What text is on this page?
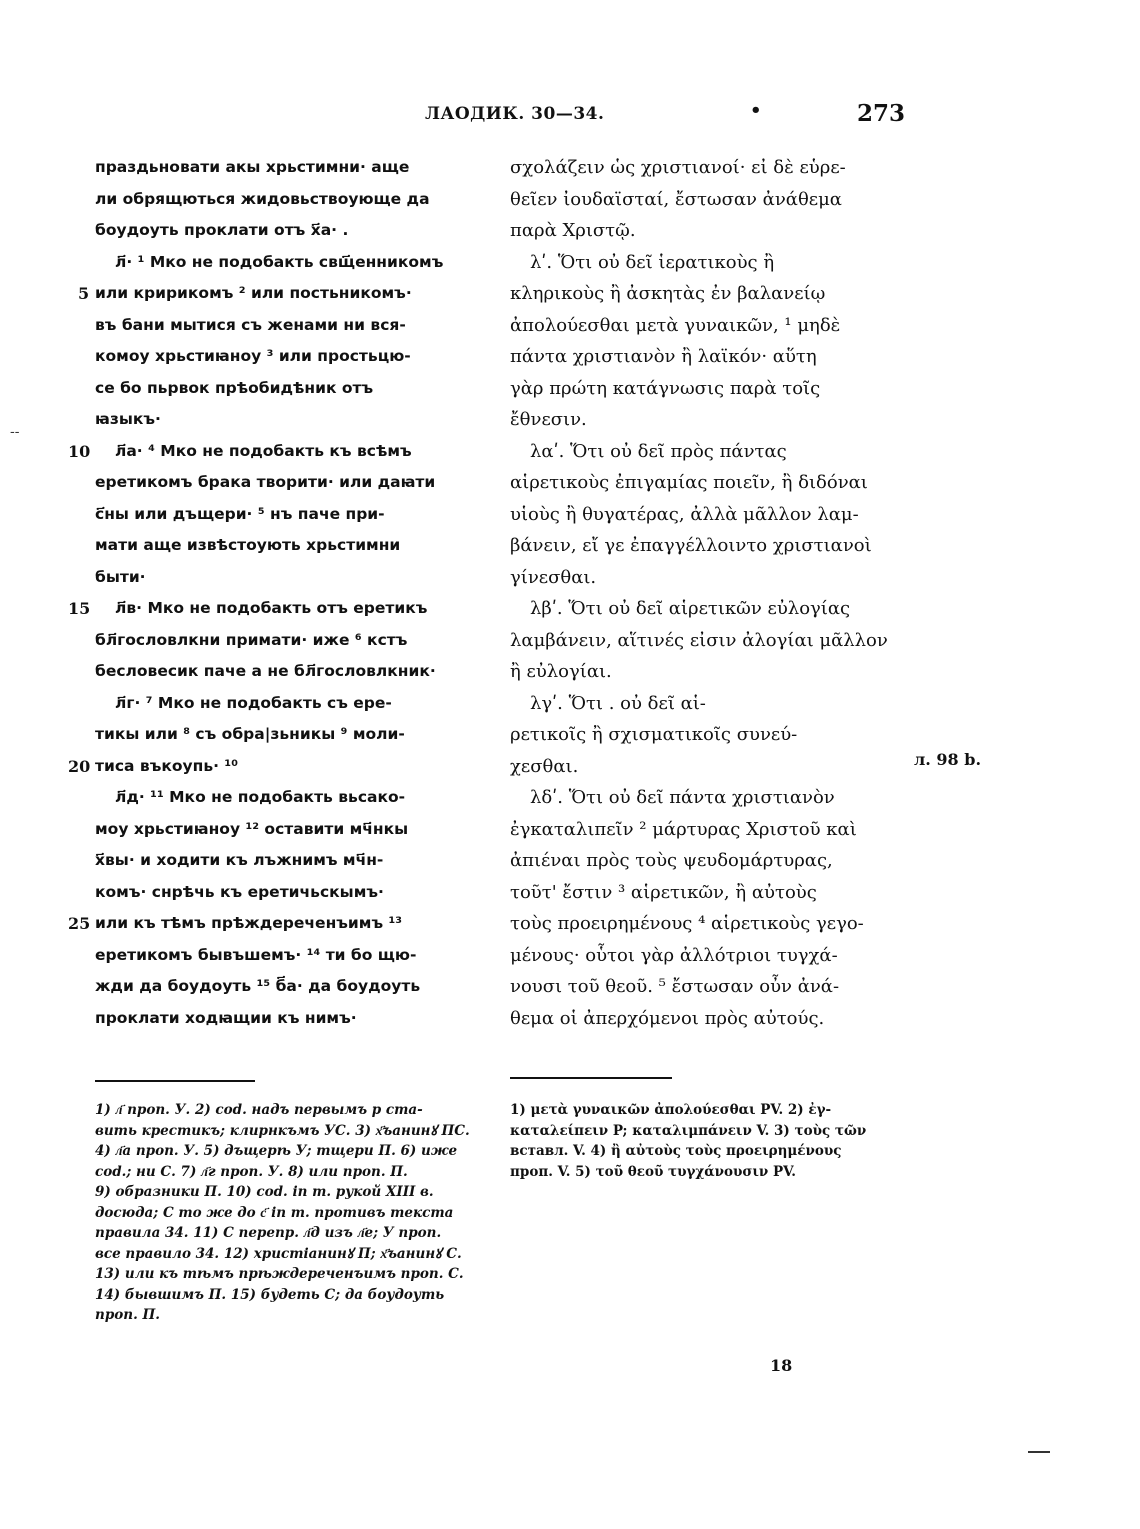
ЛАОДИК. 30—34.	•	273
--
праздьновати акы хрьстимни· аще
ли обрящються жидовьствоующе да
боудоуть проклати отъ х҃а· .
л҃· ¹ Мко не подобакть свщ҃енникомъ
или кририкомъ ² или постьникомъ·
въ бани мытися съ женами ни вся-
комоу хрьстиꙗноу ³ или простьцю-
се бо пьрвок прѣобидѣник отъ
ꙗзыкъ·
л҃а· ⁴ Мко не подобакть къ всѣмъ
еретикомъ брака творити· или даꙗти
с҃ны или дъщери· ⁵ нъ паче при-
мати аще извѣстоують хрьстимни
быти·
л҃в· Мко не подобакть отъ еретикъ
бл҃гословлкни примати· иже ⁶ кстъ
бесловесик паче а не бл҃гословлкник·
л҃г· ⁷ Мко не подобакть съ ере-
тикы или ⁸ съ обра|зьникы ⁹ моли-
тиса въкоупь· ¹⁰
л҃д· ¹¹ Мко не подобакть вьсако-
моу хрьстиꙗноу ¹² оставити мч҃нкы
х҃вы· и ходити къ лъжнимъ мч҃н-
комъ· снрѣчь къ еретичьскымъ·
или къ тѣмъ прѣждереченъимъ ¹³
еретикомъ бывъшемъ· ¹⁴ ти бо щю-
жди да боудоуть ¹⁵ б҃а· да боудоуть
проклати ходꙗщии къ нимъ·
5
10
15
20
25
σχολάζειν ὡς χριστιανοί· εἰ δὲ εὑρε-
θεῖεν ἰουδαϊσταί, ἔστωσαν ἀνάθεμα
παρὰ Χριστῷ.
λʹ. Ὅτι οὐ δεῖ ἱερατικοὺς ἢ
κληρικοὺς ἢ ἀσκητὰς ἐν βαλανείῳ
ἀπολούεσθαι μετὰ γυναικῶν, ¹ μηδὲ
πάντα χριστιανὸν ἢ λαϊκόν· αὕτη
γὰρ πρώτη κατάγνωσις παρὰ τοῖς
ἔθνεσιν.
λαʹ. Ὅτι οὐ δεῖ πρὸς πάντας
αἱρετικοὺς ἐπιγαμίας ποιεῖν, ἢ διδόναι
υἱοὺς ἢ θυγατέρας, ἀλλὰ μᾶλλον λαμ-
βάνειν, εἴ γε ἐπαγγέλλοιντο χριστιανοὶ
γίνεσθαι.
λβʹ. Ὅτι οὐ δεῖ αἱρετικῶν εὐλογίας
λαμβάνειν, αἵτινές εἰσιν ἀλογίαι μᾶλλον
ἢ εὐλογίαι.
λγʹ. Ὅτι . οὐ δεῖ αἱ-
ρετικοῖς ἢ σχισματικοῖς συνεύ-
χεσθαι.
λδʹ. Ὅτι οὐ δεῖ πάντα χριστιανὸν
ἐγκαταλιπεῖν ² μάρτυρας Χριστοῦ καὶ
ἀπιέναι πρὸς τοὺς ψευδομάρτυρας,
τοῦτ' ἔστιν ³ αἱρετικῶν, ἢ αὐτοὺς
τοὺς προειρημένους ⁴ αἱρετικοὺς γεγο-
μένους· οὗτοι γὰρ ἀλλότριοι τυγχά-
νουσι τοῦ θεοῦ. ⁵ ἔστωσαν οὖν ἀνά-
θεμα οἱ ἀπερχόμενοι πρὸς αὐτούς.
л. 98 b.
1) л҃ проп. У. 2) cod. надъ первымъ р ста-
вить крестикъ; клирнкъмъ УС. 3) х҃ъанинꙋ ПС.
4) л҃а проп. У. 5) дъщерѣ У; тщери П. 6) иже
cod.; ни С. 7) л҃г проп. У. 8) или проп. П.
9) обрaзники П. 10) cod. in т. рукой XIII в.
досюда; С то же до с҃ in т. противъ текста
правила 34. 11) С перепр. л҃д изъ л҃е; У проп.
все правило 34. 12) христiанинꙋ П; х҃ъанинꙋ С.
13) или къ тѣмъ прѣждереченъимъ проп. С.
14) бывшимъ П. 15) будеть С; да боудоуть
проп. П.
1) μετὰ γυναικῶν ἀπολούεσθαι PV. 2) ἐγ-
καταλείπειν P; καταλιμπάνειν V. 3) τοὺς τῶν
вставл. V. 4) ἢ αὐτοὺς τοὺς προειρημένους
проп. V. 5) τοῦ θεοῦ τυγχάνουσιν PV.
18
